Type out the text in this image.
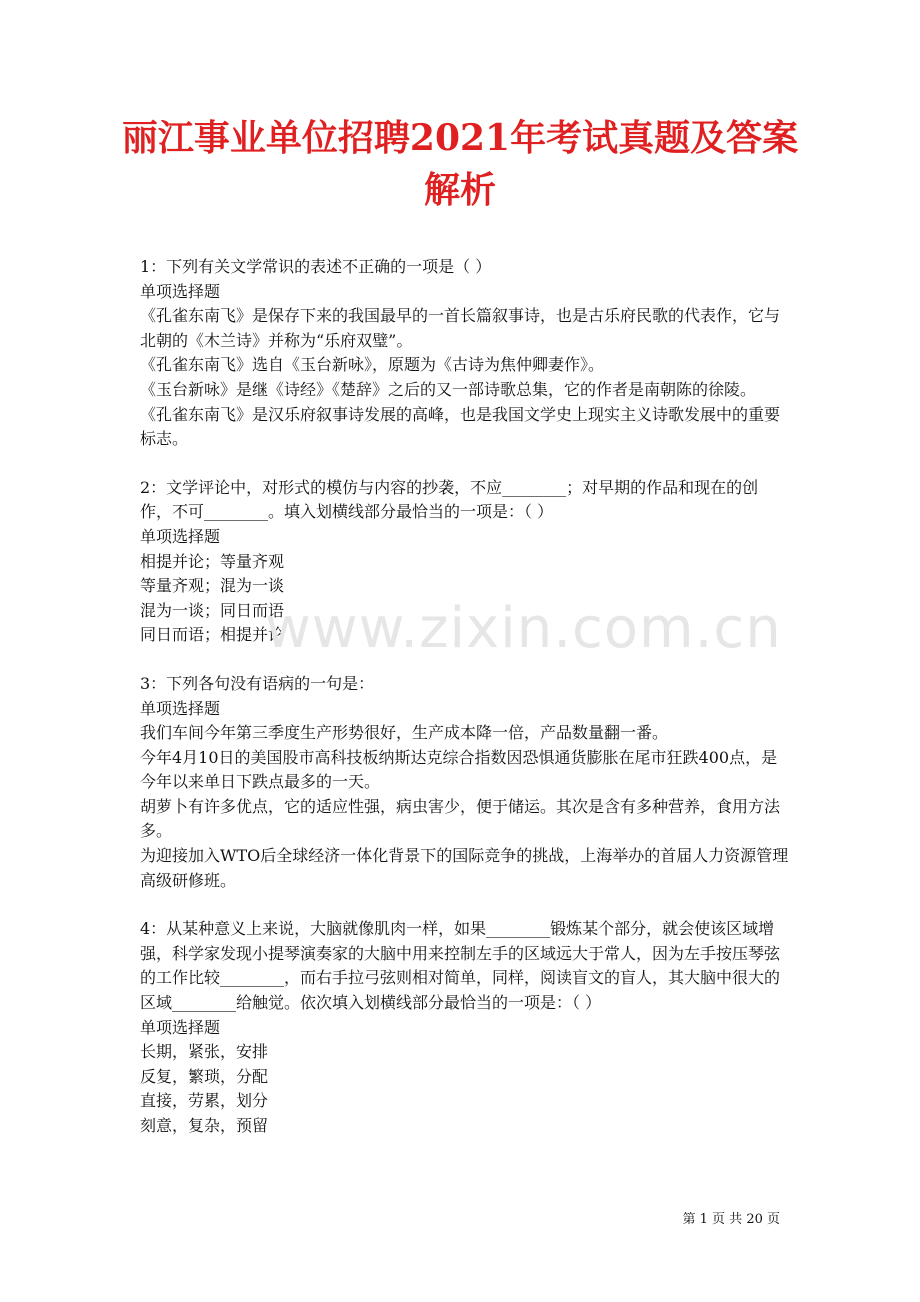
丽江事业单位招聘2021年考试真题及答案
解析

1：下列有关文学常识的表述不正确的一项是（ ）

单项选择题

《孔雀东南飞》是保存下来的我国最早的一首长篇叙事诗，也是古乐府民歌的代表作，它与北朝的《木兰诗》并称为“乐府双璧”。

《孔雀东南飞》选自《玉台新咏》，原题为《古诗为焦仲卿妻作》。

《玉台新咏》是继《诗经》《楚辞》之后的又一部诗歌总集，它的作者是南朝陈的徐陵。

《孔雀东南飞》是汉乐府叙事诗发展的高峰，也是我国文学史上现实主义诗歌发展中的重要标志。

2：文学评论中，对形式的模仿与内容的抄袭，不应________；对早期的作品和现在的创作，不可________。填入划横线部分最恰当的一项是：（ ）

单项选择题

相提并论；等量齐观

等量齐观；混为一谈

混为一谈；同日而语

同日而语；相提并论

3：下列各句没有语病的一句是：

单项选择题

我们车间今年第三季度生产形势很好，生产成本降一倍，产品数量翻一番。

今年4月10日的美国股市高科技板纳斯达克综合指数因恐惧通货膨胀在尾市狂跌400点，是今年以来单日下跌点最多的一天。

胡萝卜有许多优点，它的适应性强，病虫害少，便于储运。其次是含有多种营养，食用方法多。

为迎接加入WTO后全球经济一体化背景下的国际竞争的挑战，上海举办的首届人力资源管理高级研修班。

4：从某种意义上来说，大脑就像肌肉一样，如果________锻炼某个部分，就会使该区域增强，科学家发现小提琴演奏家的大脑中用来控制左手的区域远大于常人，因为左手按压琴弦的工作比较________，而右手拉弓弦则相对简单，同样，阅读盲文的盲人，其大脑中很大的区域________给触觉。依次填入划横线部分最恰当的一项是：（ ）

单项选择题

长期，紧张，安排

反复，繁琐，分配

直接，劳累，划分

刻意，复杂，预留

www.zixin.com.cn
第 1 页 共 20 页
